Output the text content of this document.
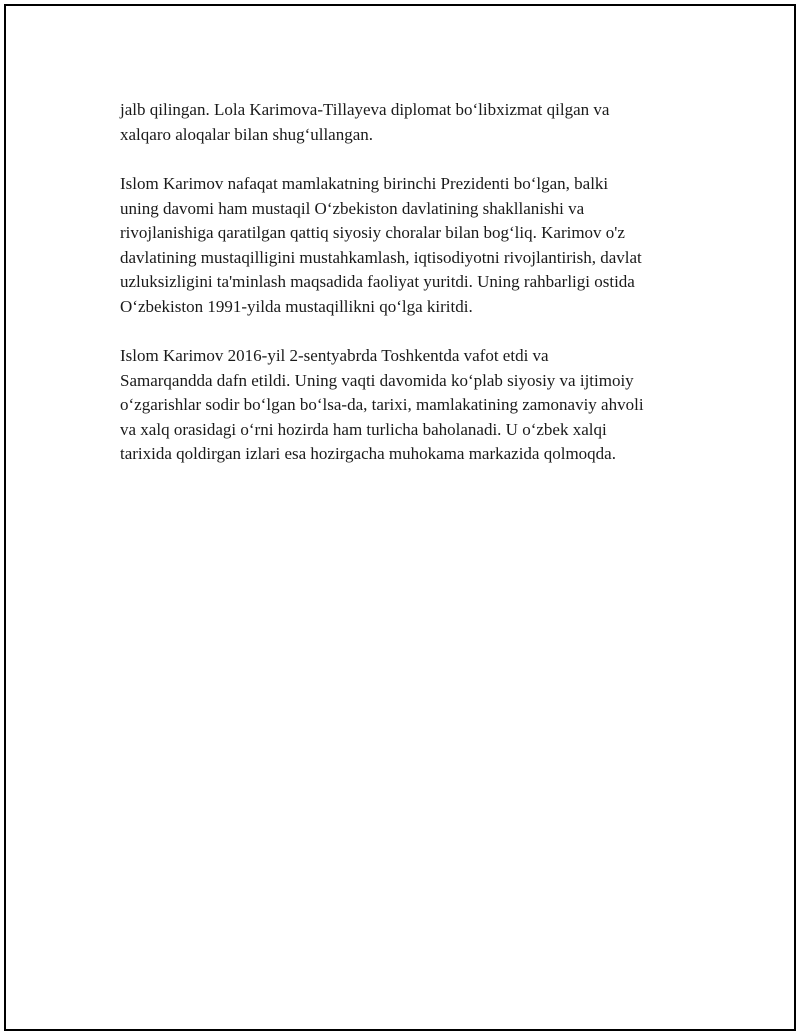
jalb qilingan. Lola Karimova-Tillayeva diplomat bo‘libxizmat qilgan va
xalqaro aloqalar bilan shug‘ullangan.

Islom Karimov nafaqat mamlakatning birinchi Prezidenti bo‘lgan, balki
uning davomi ham mustaqil O‘zbekiston davlatining shakllanishi va
rivojlanishiga qaratilgan qattiq siyosiy choralar bilan bog‘liq. Karimov o'z
davlatining mustaqilligini mustahkamlash, iqtisodiyotni rivojlantirish, davlat
uzluksizligini ta'minlash maqsadida faoliyat yuritdi. Uning rahbarligi ostida
O‘zbekiston 1991-yilda mustaqillikni qo‘lga kiritdi.

Islom Karimov 2016-yil 2-sentyabrda Toshkentda vafot etdi va
Samarqandda dafn etildi. Uning vaqti davomida ko‘plab siyosiy va ijtimoiy
o‘zgarishlar sodir bo‘lgan bo‘lsa-da, tarixi, mamlakatining zamonaviy ahvoli
va xalq orasidagi o‘rni hozirda ham turlicha baholanadi. U o‘zbek xalqi
tarixida qoldirgan izlari esa hozirgacha muhokama markazida qolmoqda.
